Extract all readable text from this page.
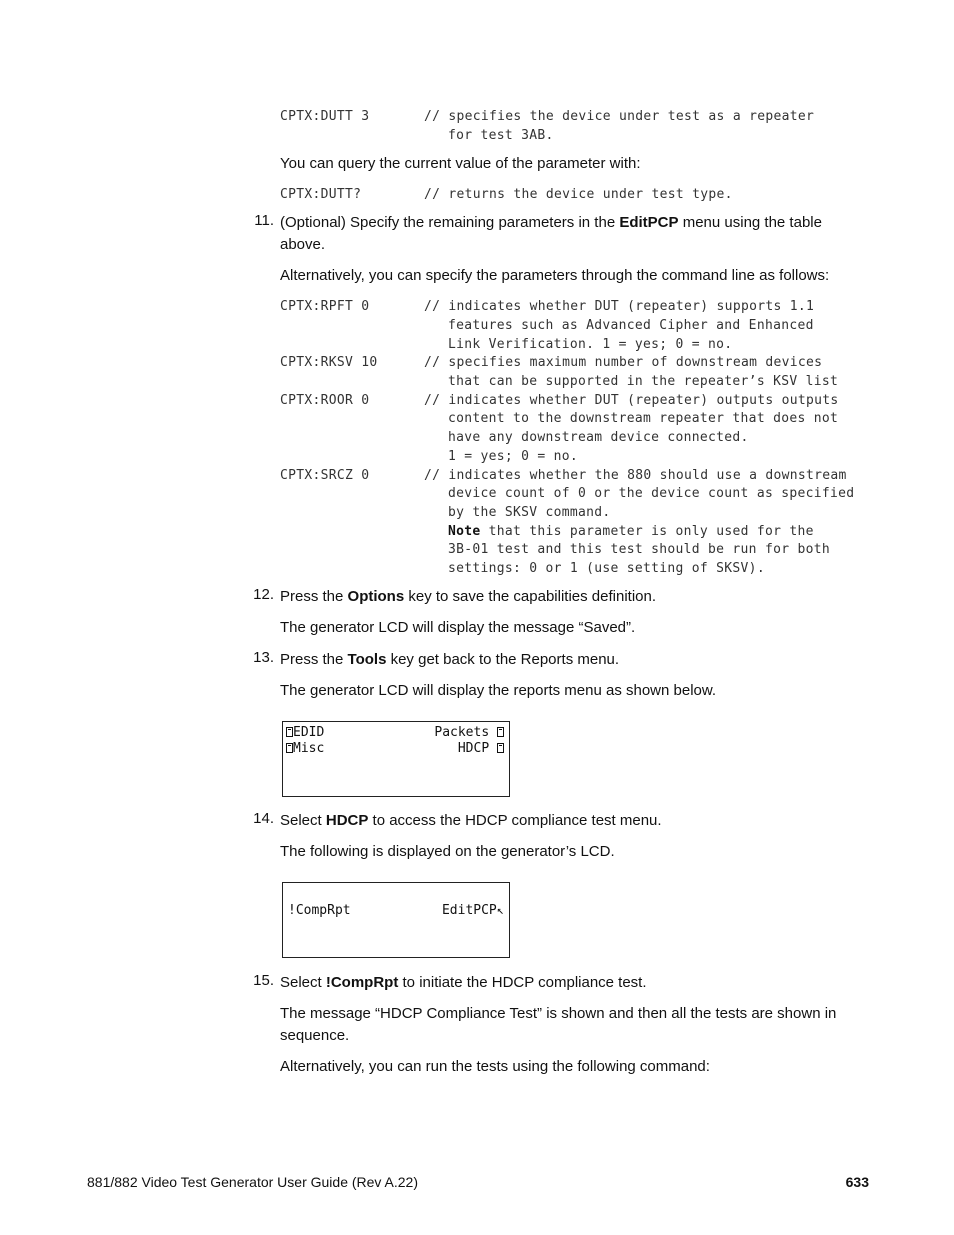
CPTX:DUTT 3	// specifies the device under test as a repeater
for test 3AB.
You can query the current value of the parameter with:
CPTX:DUTT?	// returns the device under test type.
11. (Optional) Specify the remaining parameters in the EditPCP menu using the table
above.
Alternatively, you can specify the parameters through the command line as follows:
CPTX:RPFT 0	// indicates whether DUT (repeater) supports 1.1
features such as Advanced Cipher and Enhanced
Link Verification. 1 = yes; 0 = no.
CPTX:RKSV 10	// specifies maximum number of downstream devices
that can be supported in the repeater’s KSV list
CPTX:ROOR 0	// indicates whether DUT (repeater) outputs outputs
content to the downstream repeater that does not
have any downstream device connected.
1 = yes; 0 = no.
CPTX:SRCZ 0	// indicates whether the 880 should use a downstream
device count of 0 or the device count as specified
by the SKSV command.
Note that this parameter is only used for the
3B-01 test and this test should be run for both
settings: 0 or 1 (use setting of SKSV).
12. Press the Options key to save the capabilities definition.
The generator LCD will display the message “Saved”.
13. Press the Tools key get back to the Reports menu.
The generator LCD will display the reports menu as shown below.
EDID	Packets
Misc	HDCP
14. Select HDCP to access the HDCP compliance test menu.
The following is displayed on the generator’s LCD.
!CompRpt	EditPCP↖
15. Select !CompRpt to initiate the HDCP compliance test.
The message “HDCP Compliance Test” is shown and then all the tests are shown in
sequence.
Alternatively, you can run the tests using the following command:
881/882 Video Test Generator User Guide (Rev A.22)	633
